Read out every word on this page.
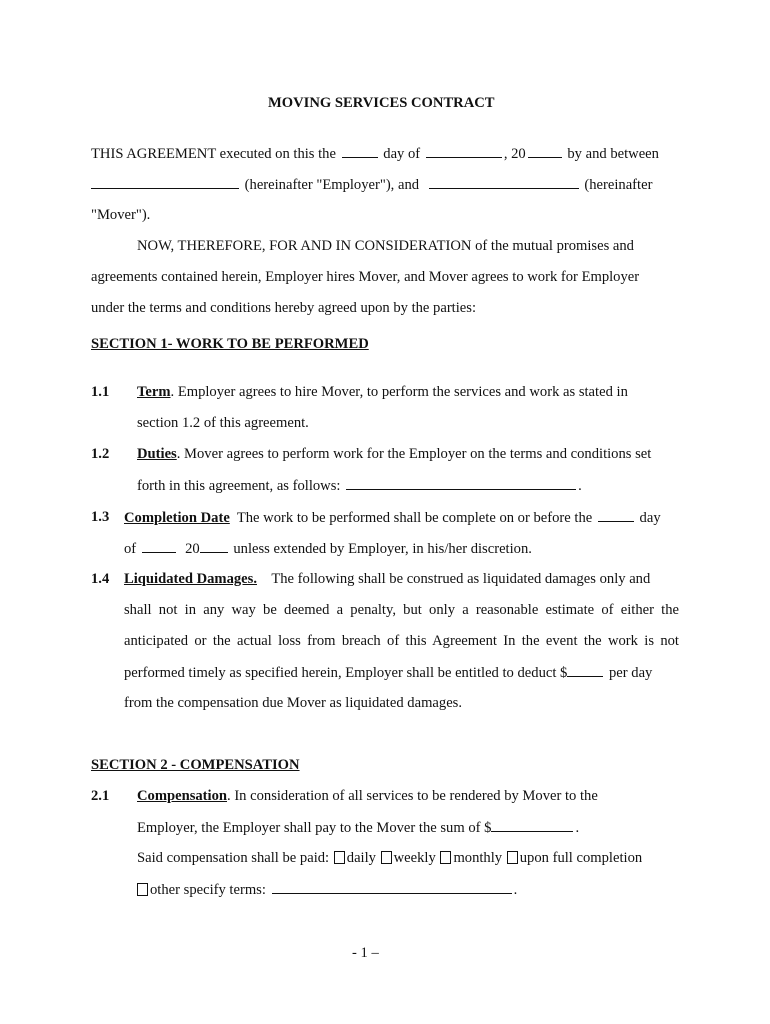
MOVING SERVICES CONTRACT
THIS AGREEMENT executed on this the	day of	, 20	by and between
(hereinafter "Employer"), and	(hereinafter
"Mover").
NOW, THEREFORE, FOR AND IN CONSIDERATION of the mutual promises and
agreements contained herein, Employer hires Mover, and Mover agrees to work for Employer
under the terms and conditions hereby agreed upon by the parties:
SECTION 1- WORK TO BE PERFORMED
1.1 Term. Employer agrees to hire Mover, to perform the services and work as stated in
section 1.2 of this agreement.
1.2 Duties. Mover agrees to perform work for the Employer on the terms and conditions set
forth in this agreement, as follows:	.
1.3 Completion Date The work to be performed shall be complete on or before the	day
of	20 unless extended by Employer, in his/her discretion.
1.4 Liquidated Damages. The following shall be construed as liquidated damages only and
shall not in any way be deemed a penalty, but only a reasonable estimate of either the
anticipated or the actual loss from breach of this Agreement In the event the work is not
performed timely as specified herein, Employer shall be entitled to deduct $	per day
from the compensation due Mover as liquidated damages.
SECTION 2 - COMPENSATION
2.1 Compensation. In consideration of all services to be rendered by Mover to the
Employer, the Employer shall pay to the Mover the sum of $	.
Said compensation shall be paid: daily weekly monthly upon full completion
other specify terms:	.
- 1 –
